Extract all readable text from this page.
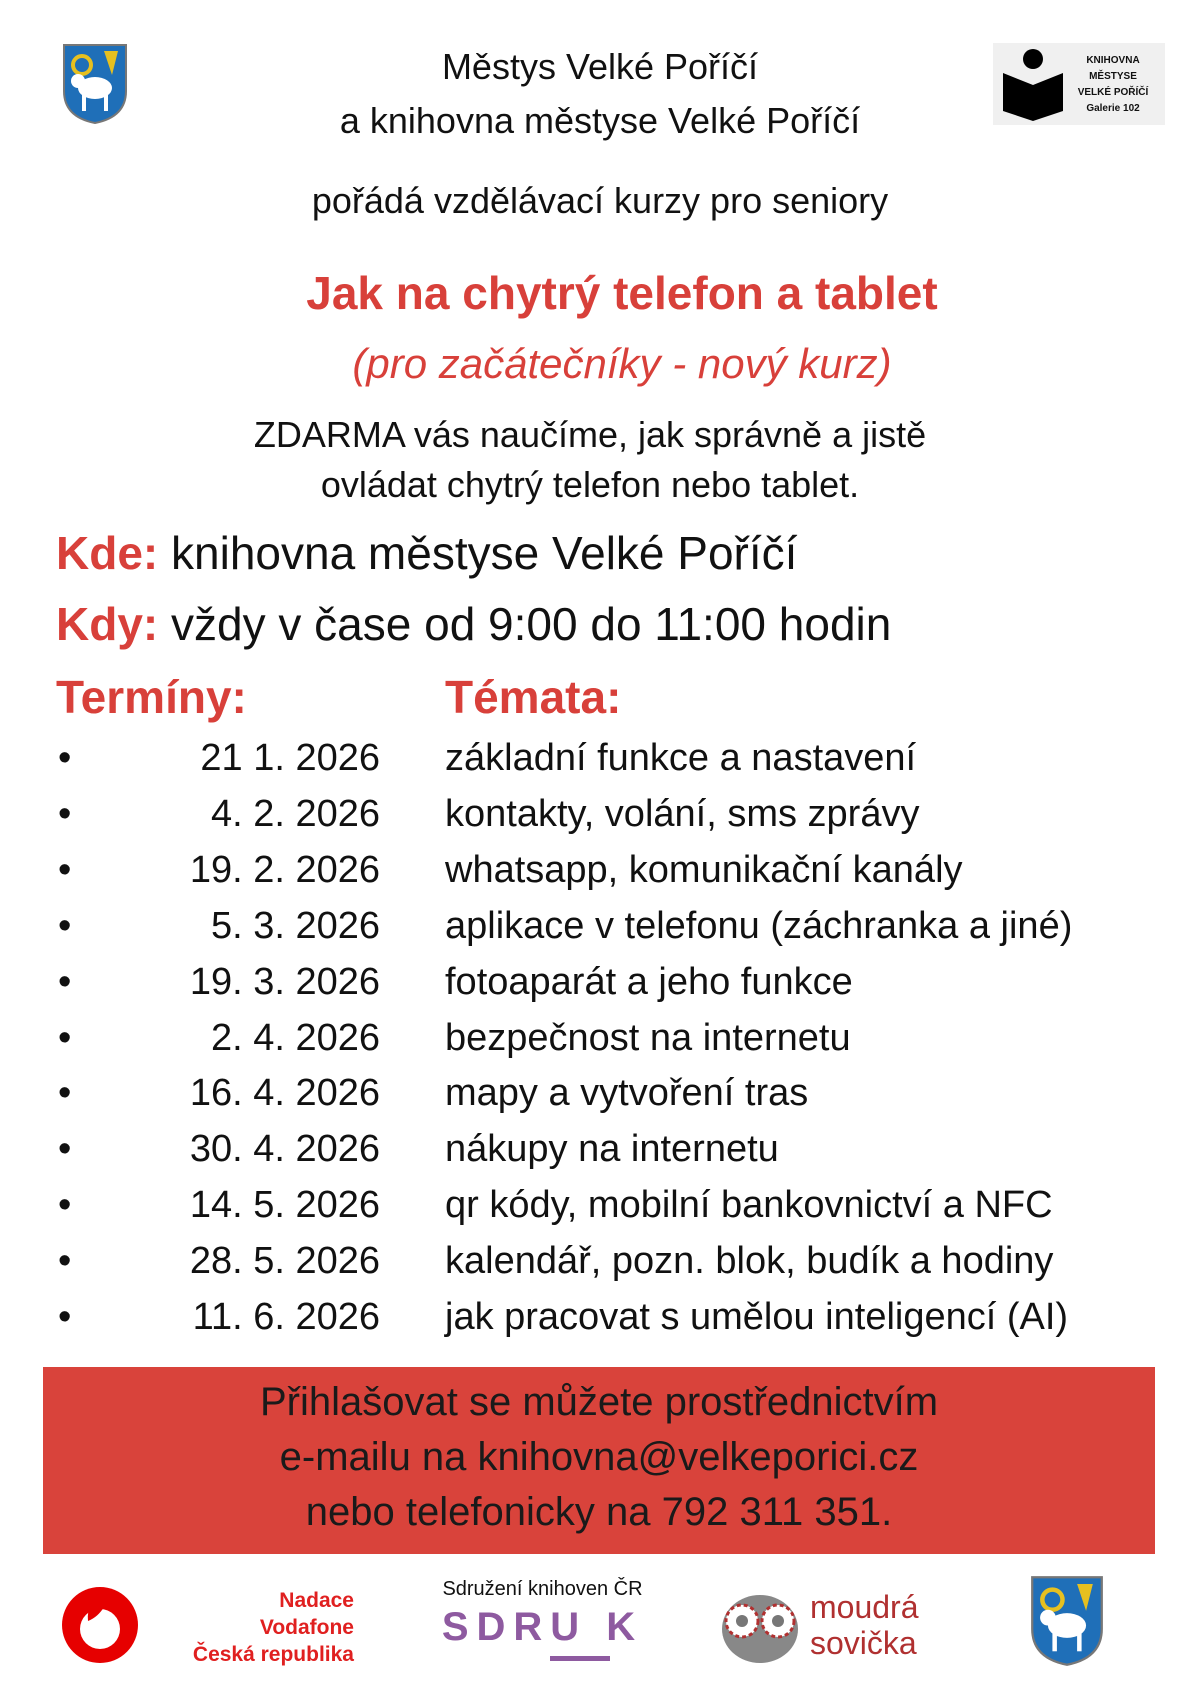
KNIHOVNA
MĚSTYSE
VELKÉ POŘÍČÍ
Galerie 102
Městys Velké Poříčí
a knihovna městyse Velké Poříčí
pořádá vzdělávací kurzy pro seniory
Jak na chytrý telefon a tablet
(pro začátečníky - nový kurz)
ZDARMA vás naučíme, jak správně a jistě
ovládat chytrý telefon nebo tablet.
Kde: knihovna městyse Velké Poříčí
Kdy: vždy v čase od 9:00 do 11:00 hodin
Termíny:	Témata:
•	21 1. 2026 základní funkce a nastavení
•	4. 2. 2026 kontakty, volání, sms zprávy
•	19. 2. 2026 whatsapp, komunikační kanály
•	5. 3. 2026 aplikace v telefonu (záchranka a jiné)
•	19. 3. 2026 fotoaparát a jeho funkce
•	2. 4. 2026 bezpečnost na internetu
•	16. 4. 2026 mapy a vytvoření tras
•	30. 4. 2026 nákupy na internetu
•	14. 5. 2026 qr kódy, mobilní bankovnictví a NFC
•	28. 5. 2026 kalendář, pozn. blok, budík a hodiny
•	11. 6. 2026 jak pracovat s umělou inteligencí (AI)
Přihlašovat se můžete prostřednictvím
e-mailu na knihovna@velkeporici.cz
nebo telefonicky na 792 311 351.
Nadace
Vodafone
Česká republika
Sdružení knihoven ČR
SDRU K	moudrá
sovička
